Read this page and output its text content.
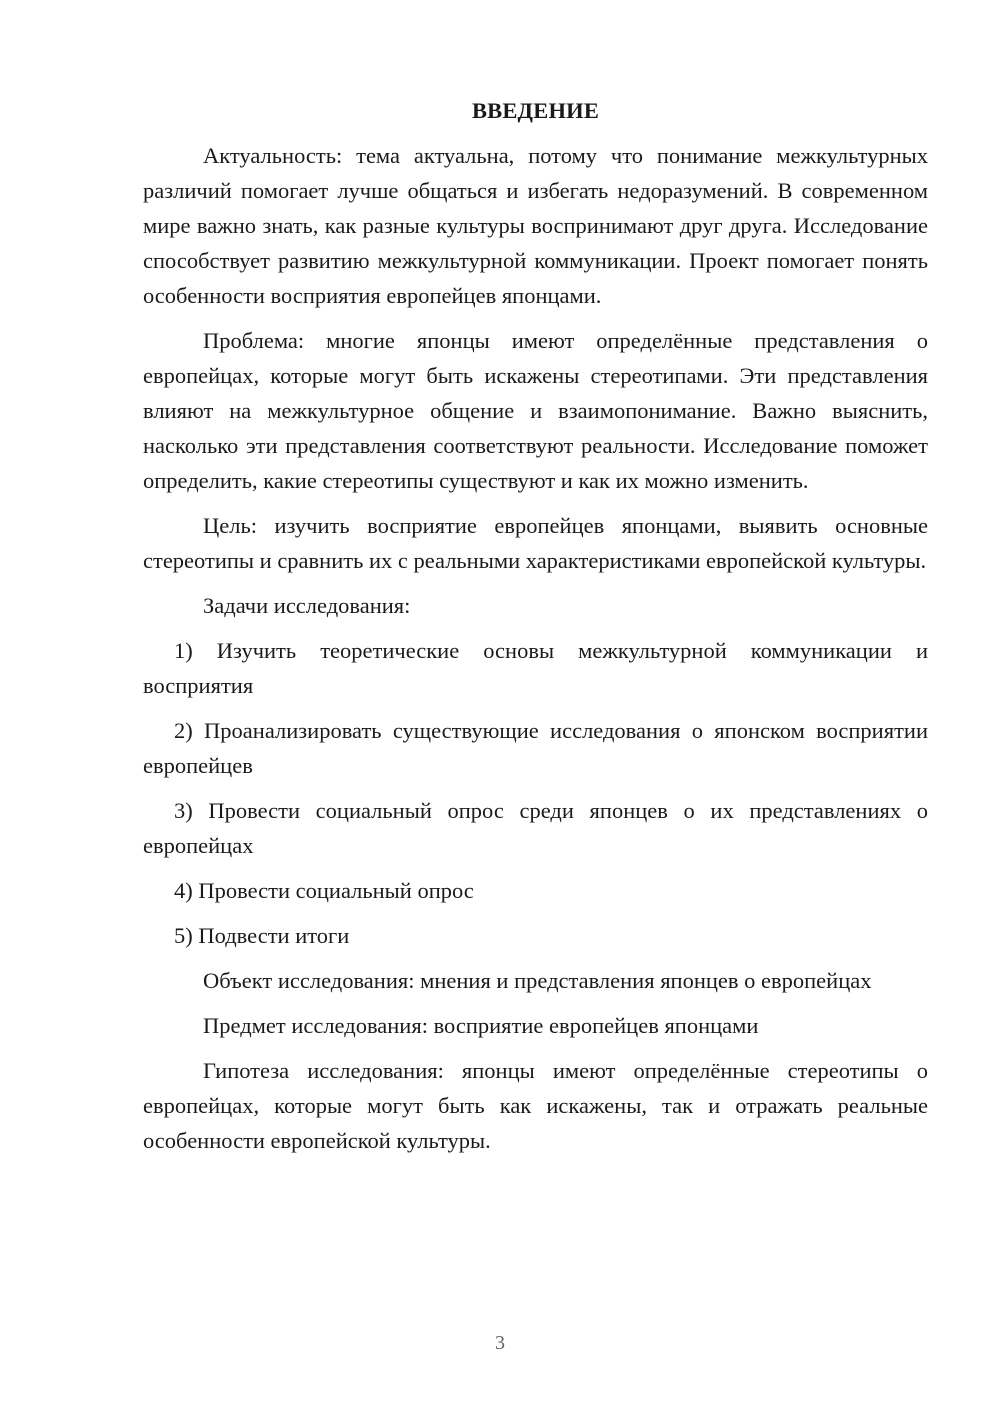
ВВЕДЕНИЕ

Актуальность: тема актуальна, потому что понимание межкультурных различий помогает лучше общаться и избегать недоразумений. В современном мире важно знать, как разные культуры воспринимают друг друга. Исследование способствует развитию межкультурной коммуникации. Проект помогает понять особенности восприятия европейцев японцами.

Проблема: многие японцы имеют определённые представления о европейцах, которые могут быть искажены стереотипами. Эти представления влияют на межкультурное общение и взаимопонимание. Важно выяснить, насколько эти представления соответствуют реальности. Исследование поможет определить, какие стереотипы существуют и как их можно изменить.

Цель: изучить восприятие европейцев японцами, выявить основные стереотипы и сравнить их с реальными характеристиками европейской культуры.

Задачи исследования:

1) Изучить теоретические основы межкультурной коммуникации и восприятия

2) Проанализировать существующие исследования о японском восприятии европейцев

3) Провести социальный опрос среди японцев о их представлениях о европейцах

4) Провести социальный опрос

5) Подвести итоги

Объект исследования: мнения и представления японцев о европейцах

Предмет исследования: восприятие европейцев японцами

Гипотеза исследования: японцы имеют определённые стереотипы о европейцах, которые могут быть как искажены, так и отражать реальные особенности европейской культуры.

3
